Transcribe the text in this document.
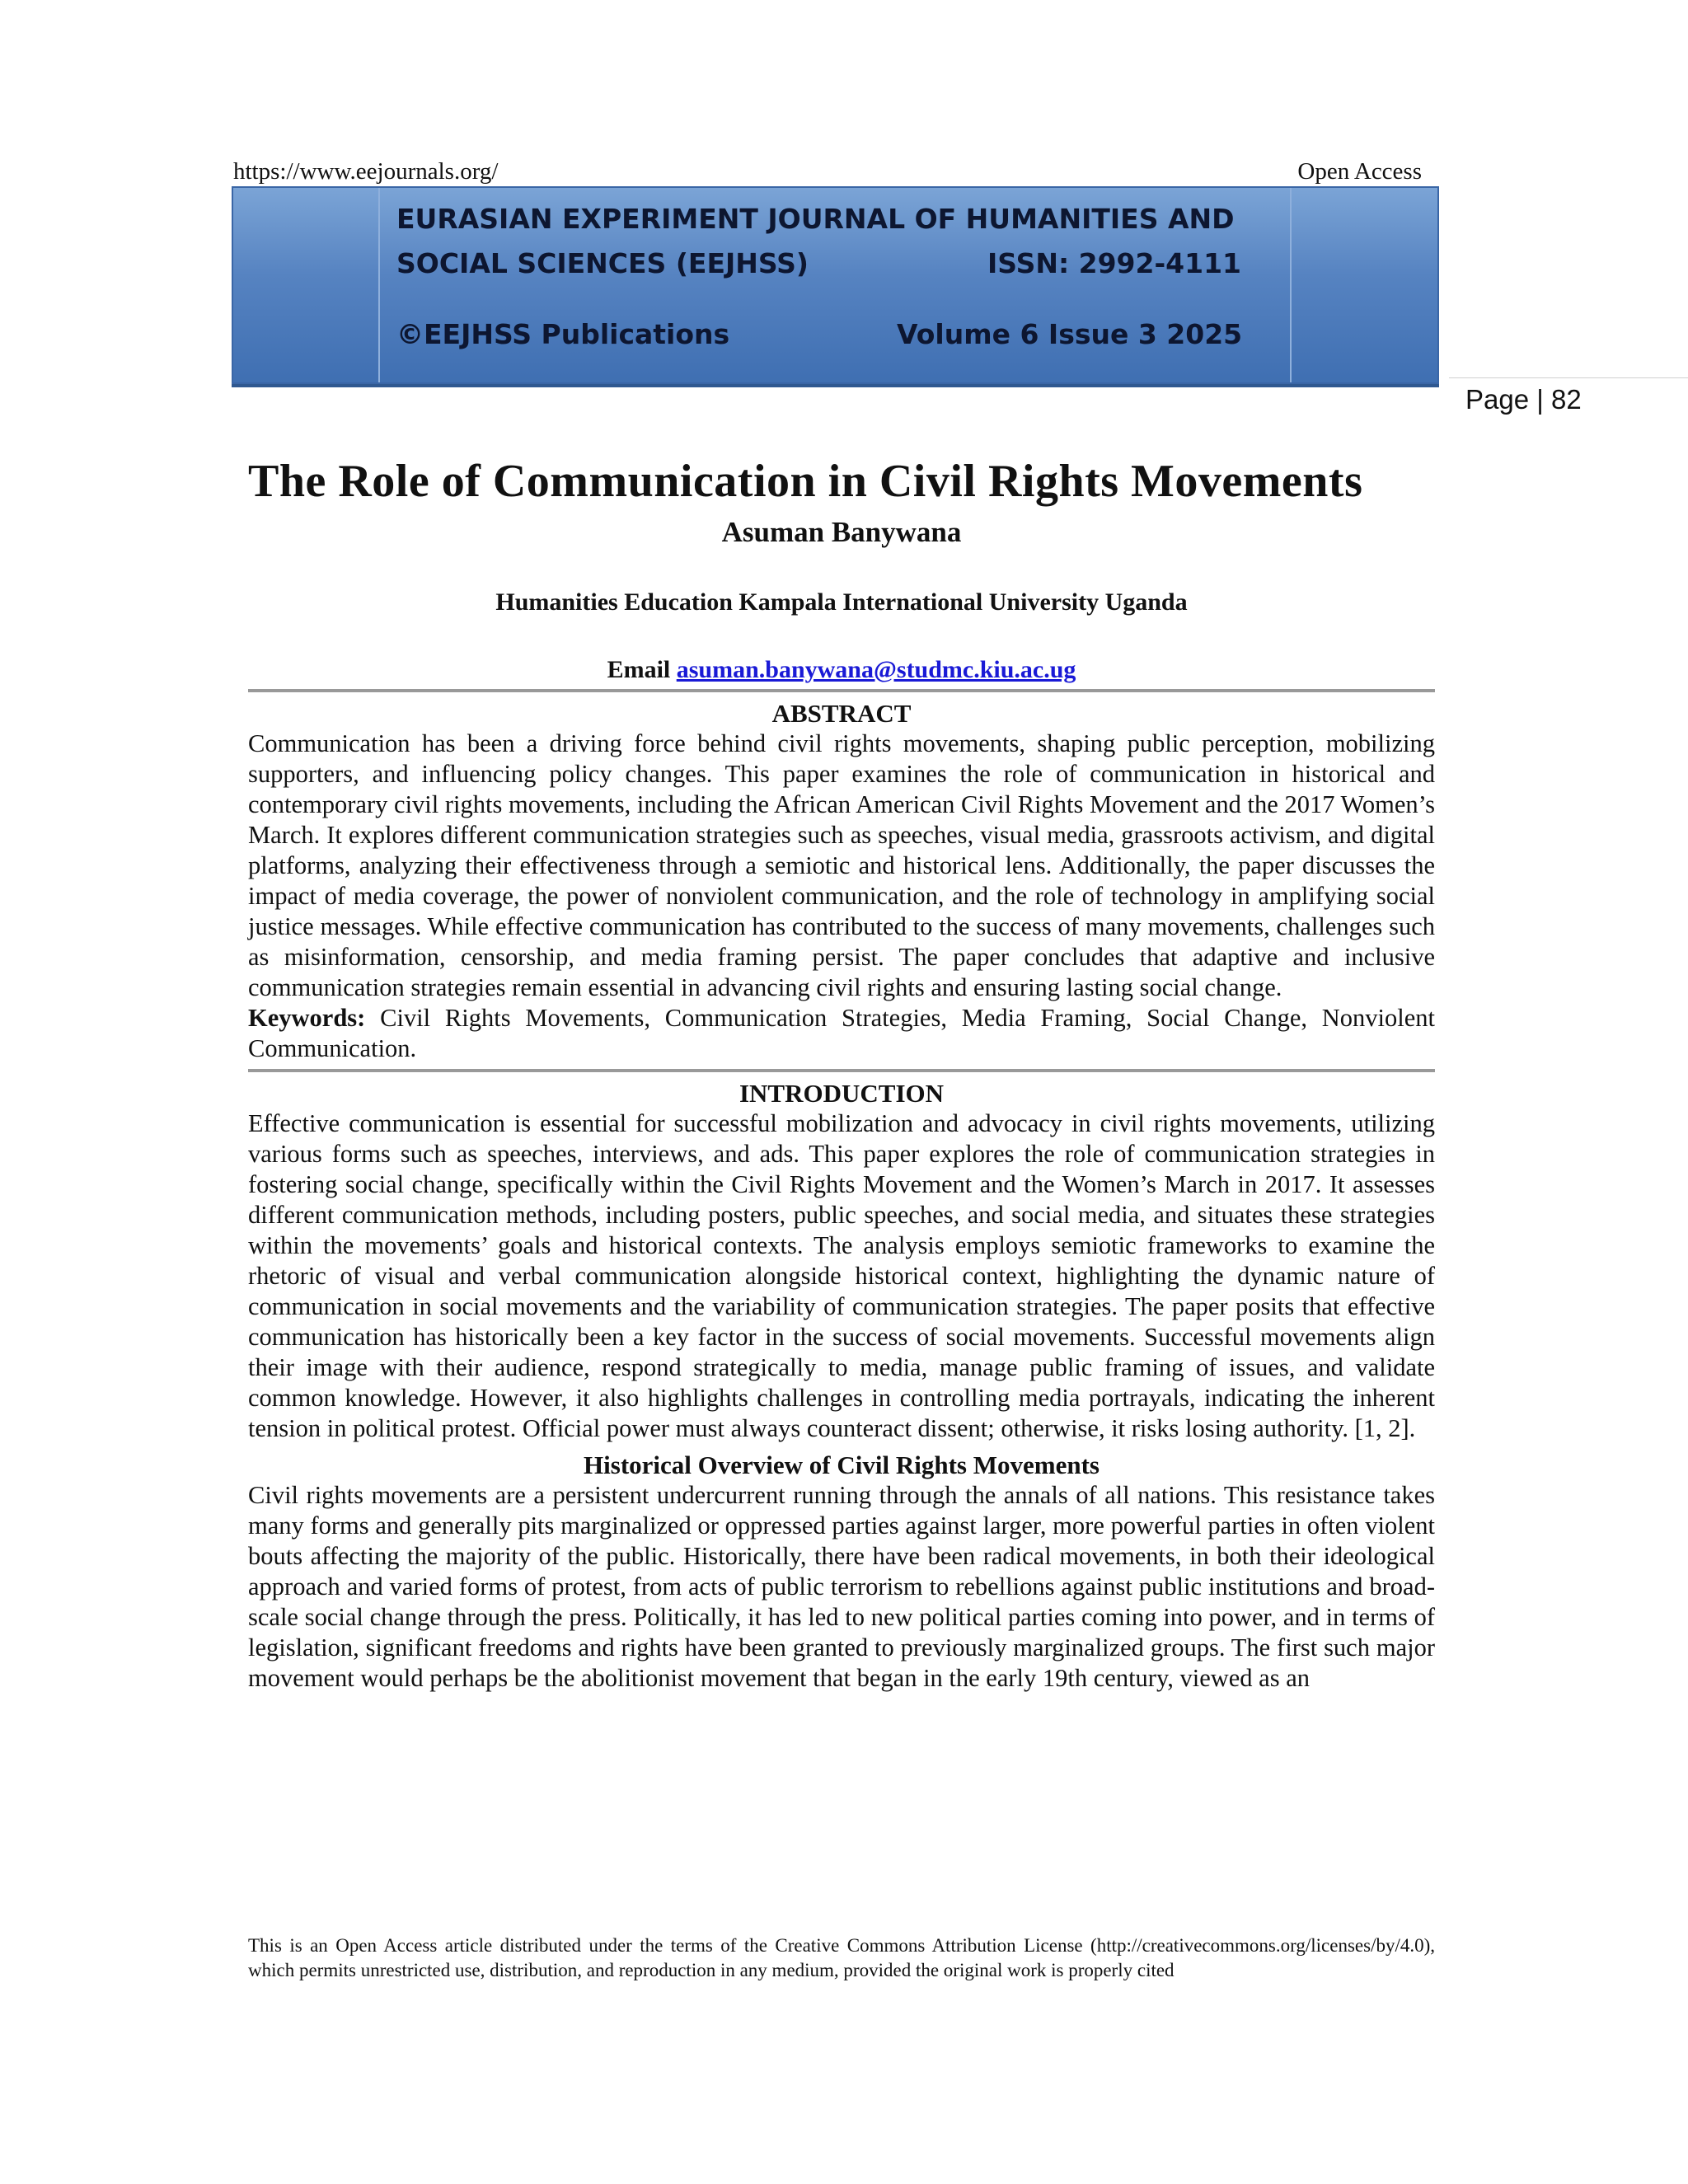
https://www.eejournals.org/	Open Access
EURASIAN EXPERIMENT JOURNAL OF HUMANITIES AND
SOCIAL SCIENCES (EEJHSS)	ISSN: 2992-4111
©EEJHSS Publications	Volume 6 Issue 3 2025
Page | 82
The Role of Communication in Civil Rights Movements
Asuman Banywana
Humanities Education Kampala International University Uganda
Email asuman.banywana@studmc.kiu.ac.ug
ABSTRACT

Communication has been a driving force behind civil rights movements, shaping public perception, mobilizing supporters, and influencing policy changes. This paper examines the role of communication in historical and contemporary civil rights movements, including the African American Civil Rights Movement and the 2017 Women’s March. It explores different communication strategies such as speeches, visual media, grassroots activism, and digital platforms, analyzing their effectiveness through a semiotic and historical lens. Additionally, the paper discusses the impact of media coverage, the power of nonviolent communication, and the role of technology in amplifying social justice messages. While effective communication has contributed to the success of many movements, challenges such as misinformation, censorship, and media framing persist. The paper concludes that adaptive and inclusive communication strategies remain essential in advancing civil rights and ensuring lasting social change.

Keywords: Civil Rights Movements, Communication Strategies, Media Framing, Social Change, Nonviolent Communication.

INTRODUCTION

Effective communication is essential for successful mobilization and advocacy in civil rights movements, utilizing various forms such as speeches, interviews, and ads. This paper explores the role of communication strategies in fostering social change, specifically within the Civil Rights Movement and the Women’s March in 2017. It assesses different communication methods, including posters, public speeches, and social media, and situates these strategies within the movements’ goals and historical contexts. The analysis employs semiotic frameworks to examine the rhetoric of visual and verbal communication alongside historical context, highlighting the dynamic nature of communication in social movements and the variability of communication strategies. The paper posits that effective communication has historically been a key factor in the success of social movements. Successful movements align their image with their audience, respond strategically to media, manage public framing of issues, and validate common knowledge. However, it also highlights challenges in controlling media portrayals, indicating the inherent tension in political protest. Official power must always counteract dissent; otherwise, it risks losing authority. [1, 2].

Historical Overview of Civil Rights Movements

Civil rights movements are a persistent undercurrent running through the annals of all nations. This resistance takes many forms and generally pits marginalized or oppressed parties against larger, more powerful parties in often violent bouts affecting the majority of the public. Historically, there have been radical movements, in both their ideological approach and varied forms of protest, from acts of public terrorism to rebellions against public institutions and broad-scale social change through the press. Politically, it has led to new political parties coming into power, and in terms of legislation, significant freedoms and rights have been granted to previously marginalized groups. The first such major movement would perhaps be the abolitionist movement that began in the early 19th century, viewed as an

This is an Open Access article distributed under the terms of the Creative Commons Attribution License (http://creativecommons.org/licenses/by/4.0), which permits unrestricted use, distribution, and reproduction in any medium, provided the original work is properly cited
